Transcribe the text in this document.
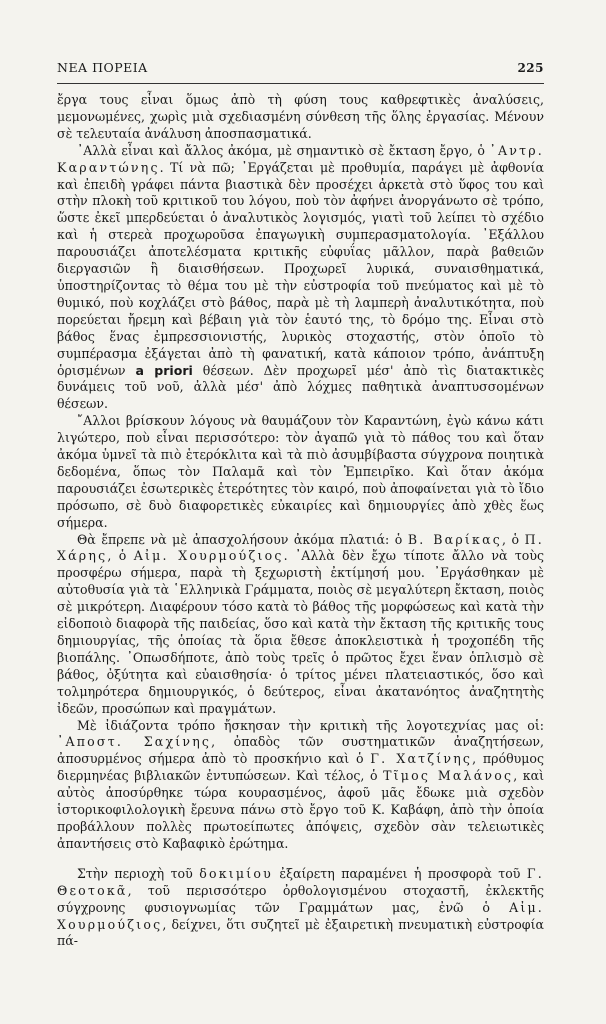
ΝΕΑ ΠΟΡΕΙΑ	225

ἔργα τους εἶναι ὅμως ἀπὸ τὴ φύση τους καθρεφτικὲς ἀναλύσεις, μεμονωμένες, χωρὶς μιὰ σχεδιασμένη σύνθεση τῆς ὅλης ἐργασίας. Μένουν σὲ τελευταία ἀνάλυση ἀποσπασματικά.

᾿Αλλὰ εἶναι καὶ ἄλλος ἀκόμα, μὲ σημαντικὸ σὲ ἔκταση ἔργο, ὁ ᾿Αντρ. Καραντώνης. Τί νὰ πῶ; ᾿Εργάζεται μὲ προθυμία, παράγει μὲ ἀφθονία καὶ ἐπειδὴ γράφει πάντα βιαστικὰ δὲν προσέχει ἀρκετὰ στὸ ὕφος του καὶ στὴν πλοκὴ τοῦ κριτικοῦ του λόγου, ποὺ τὸν ἀφήνει ἀνοργάνωτο σὲ τρόπο, ὥστε ἐκεῖ μπερδεύεται ὁ ἀναλυτικὸς λογισμός, γιατὶ τοῦ λείπει τὸ σχέδιο καὶ ἡ στερεὰ προχωροῦσα ἐπαγωγικὴ συμπερασματολογία. ᾿Εξάλλου παρουσιάζει ἀποτελέσματα κριτικῆς εὐφυΐας μᾶλλον, παρὰ βαθειῶν διεργασιῶν ἢ διαισθήσεων. Προχωρεῖ λυρικά, συναισθηματικά, ὑποστηρίζοντας τὸ θέμα του μὲ τὴν εὐστροφία τοῦ πνεύματος καὶ μὲ τὸ θυμικό, ποὺ κοχλάζει στὸ βάθος, παρὰ μὲ τὴ λαμπερὴ ἀναλυτικότητα, ποὺ πορεύεται ἤρεμη καὶ βέβαιη γιὰ τὸν ἑαυτό της, τὸ δρόμο της. Εἶναι στὸ βάθος ἕνας ἐμπρεσσιονιστής, λυρικὸς στοχαστής, στὸν ὁποῖο τὸ συμπέρασμα ἐξάγεται ἀπὸ τὴ φανατική, κατὰ κάποιον τρόπο, ἀνάπτυξη ὁρισμένων a priori θέσεων. Δὲν προχωρεῖ μέσ' ἀπὸ τὶς διατακτικὲς δυνάμεις τοῦ νοῦ, ἀλλὰ μέσ' ἀπὸ λόχμες παθητικὰ ἀναπτυσσομένων θέσεων.

῎Αλλοι βρίσκουν λόγους νὰ θαυμάζουν τὸν Καραντώνη, ἐγὼ κάνω κάτι λιγώτερο, ποὺ εἶναι περισσότερο: τὸν ἀγαπῶ γιὰ τὸ πάθος του καὶ ὅταν ἀκόμα ὑμνεῖ τὰ πιὸ ἑτερόκλιτα καὶ τὰ πιὸ ἀσυμβίβαστα σύγχρονα ποιητικὰ δεδομένα, ὅπως τὸν Παλαμᾶ καὶ τὸν Ἐμπειρῖκο. Καὶ ὅταν ἀκόμα παρουσιάζει ἐσωτερικὲς ἑτερότητες τὸν καιρό, ποὺ ἀποφαίνεται γιὰ τὸ ἴδιο πρόσωπο, σὲ δυὸ διαφορετικὲς εὐκαιρίες καὶ δημιουργίες ἀπὸ χθὲς ἕως σήμερα.

Θὰ ἔπρεπε νὰ μὲ ἀπασχολήσουν ἀκόμα πλατιά: ὁ Β. Βαρίκας, ὁ Π. Χάρης, ὁ Αἰμ. Χουρμούζιος. ᾿Αλλὰ δὲν ἔχω τίποτε ἄλλο νὰ τοὺς προσφέρω σήμερα, παρὰ τὴ ξεχωριστὴ ἐκτίμησή μου. ᾿Εργάσθηκαν μὲ αὐτοθυσία γιὰ τὰ ῾Ελληνικὰ Γράμματα, ποιὸς σὲ μεγαλύτερη ἔκταση, ποιὸς σὲ μικρότερη. Διαφέρουν τόσο κατὰ τὸ βάθος τῆς μορφώσεως καὶ κατὰ τὴν εἰδοποιὸ διαφορὰ τῆς παιδείας, ὅσο καὶ κατὰ τὴν ἔκταση τῆς κριτικῆς τους δημιουργίας, τῆς ὁποίας τὰ ὅρια ἔθεσε ἀποκλειστικὰ ἡ τροχοπέδη τῆς βιοπάλης. ᾿Οπωσδήποτε, ἀπὸ τοὺς τρεῖς ὁ πρῶτος ἔχει ἕναν ὁπλισμὸ σὲ βάθος, ὀξύτητα καὶ εὐαισθησία· ὁ τρίτος μένει πλατειαστικός, ὅσο καὶ τολμηρότερα δημιουργικός, ὁ δεύτερος, εἶναι ἀκατανόητος ἀναζητητὴς ἰδεῶν, προσώπων καὶ πραγμάτων.

Μὲ ἰδιάζοντα τρόπο ἤσκησαν τὴν κριτικὴ τῆς λογοτεχνίας μας οἱ: ᾿Αποστ. Σαχίνης, ὀπαδὸς τῶν συστηματικῶν ἀναζητήσεων, ἀποσυρμένος σήμερα ἀπὸ τὸ προσκήνιο καὶ ὁ Γ. Χατζίνης, πρόθυμος διερμηνέας βιβλιακῶν ἐντυπώσεων. Καὶ τέλος, ὁ Τῖμος Μαλάνος, καὶ αὐτὸς ἀποσύρθηκε τώρα κουρασμένος, ἀφοῦ μᾶς ἔδωκε μιὰ σχεδὸν ἱστορικοφιλολογικὴ ἔρευνα πάνω στὸ ἔργο τοῦ Κ. Καβάφη, ἀπὸ τὴν ὁποία προβάλλουν πολλὲς πρωτοείπωτες ἀπόψεις, σχεδὸν σὰν τελειωτικὲς ἀπαντήσεις στὸ Καβαφικὸ ἐρώτημα.

Στὴν περιοχὴ τοῦ δοκιμίου ἐξαίρετη παραμένει ἡ προσφορὰ τοῦ Γ. Θεοτοκᾶ, τοῦ περισσότερο ὀρθολογισμένου στοχαστῆ, ἐκλεκτῆς σύγχρονης φυσιογνωμίας τῶν Γραμμάτων μας, ἐνῶ ὁ Αἰμ. Χουρμούζιος, δείχνει, ὅτι συζητεῖ μὲ ἐξαιρετικὴ πνευματικὴ εὐστροφία πά-
